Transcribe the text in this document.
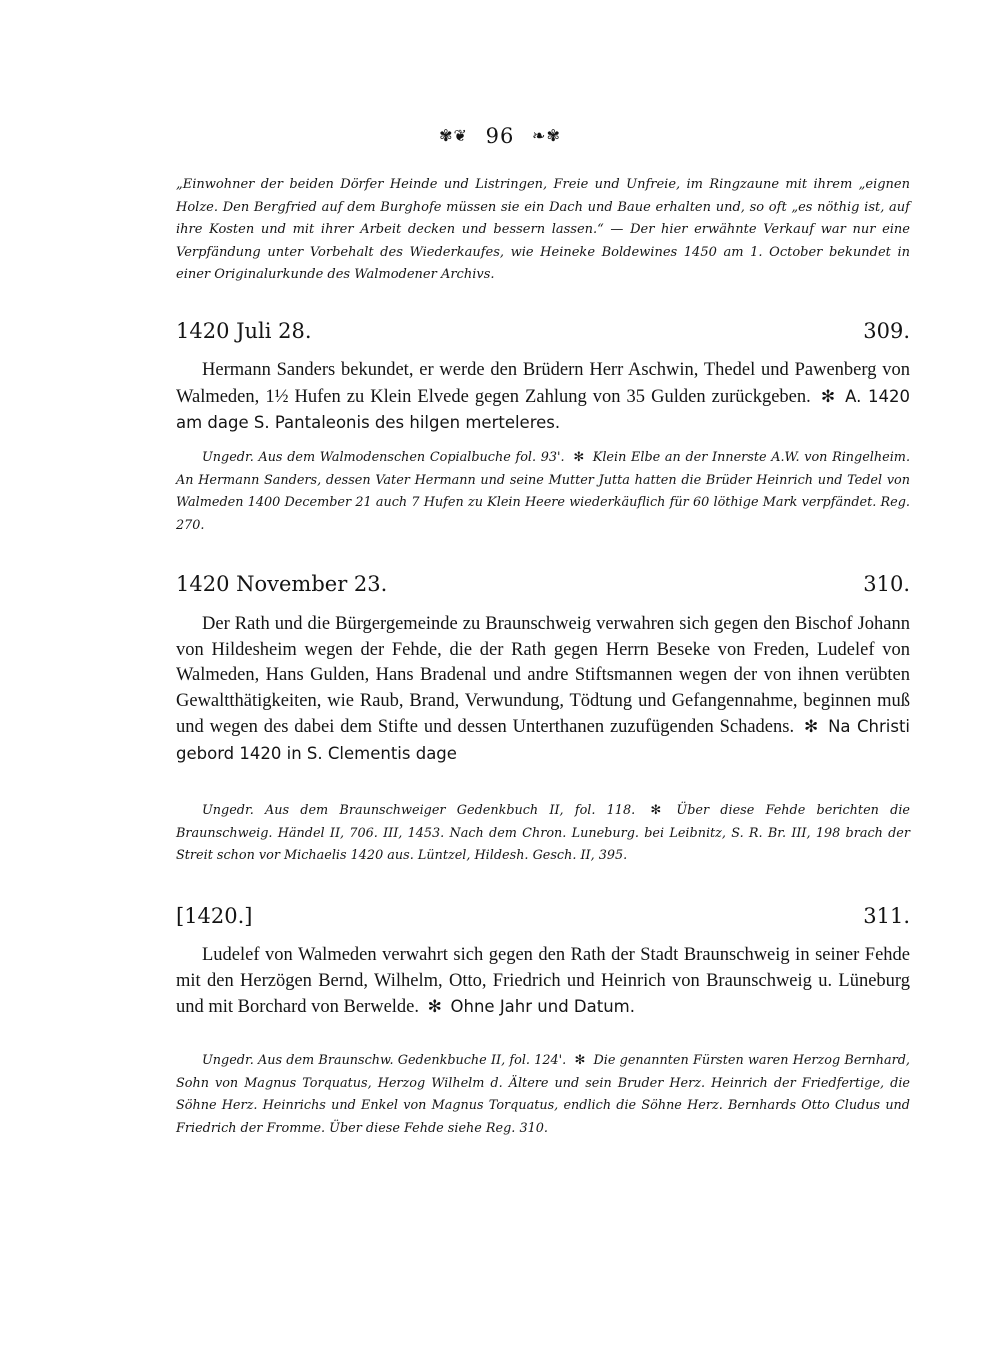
✾❦ 96 ❧✾
„Einwohner der beiden Dörfer Heinde und Listringen, Freie und Unfreie, im Ringzaune mit ihrem „eignen Holze. Den Bergfried auf dem Burghofe müssen sie ein Dach und Baue erhalten und, so oft „es nöthig ist, auf ihre Kosten und mit ihrer Arbeit decken und bessern lassen.“ — Der hier erwähnte Verkauf war nur eine Verpfändung unter Vorbehalt des Wiederkaufes, wie Heineke Boldewines 1450 am 1. October bekundet in einer Originalurkunde des Walmodener Archivs.
1420 Juli 28.	309.
Hermann Sanders bekundet, er werde den Brüdern Herr Aschwin, Thedel und Pawenberg von Walmeden, 1½ Hufen zu Klein Elvede gegen Zahlung von 35 Gulden zurückgeben. ✻ A. 1420 am dage S. Pantaleonis des hilgen merteleres.
Ungedr. Aus dem Walmodenschen Copialbuche fol. 93'. ✻ Klein Elbe an der Innerste A.W. von Ringelheim. An Hermann Sanders, dessen Vater Hermann und seine Mutter Jutta hatten die Brüder Heinrich und Tedel von Walmeden 1400 December 21 auch 7 Hufen zu Klein Heere wiederkäuflich für 60 löthige Mark verpfändet. Reg. 270.
1420 November 23.	310.
Der Rath und die Bürgergemeinde zu Braunschweig verwahren sich gegen den Bischof Johann von Hildesheim wegen der Fehde, die der Rath gegen Herrn Beseke von Freden, Ludelef von Walmeden, Hans Gulden, Hans Bradenal und andre Stiftsmannen wegen der von ihnen verübten Gewaltthätigkeiten, wie Raub, Brand, Verwundung, Tödtung und Gefangennahme, beginnen muß und wegen des dabei dem Stifte und dessen Unterthanen zuzufügenden Schadens. ✻ Na Christi gebord 1420 in S. Clementis dage
Ungedr. Aus dem Braunschweiger Gedenkbuch II, fol. 118. ✻ Über diese Fehde berichten die Braunschweig. Händel II, 706. III, 1453. Nach dem Chron. Luneburg. bei Leibnitz, S. R. Br. III, 198 brach der Streit schon vor Michaelis 1420 aus. Lüntzel, Hildesh. Gesch. II, 395.
[1420.]	311.
Ludelef von Walmeden verwahrt sich gegen den Rath der Stadt Braunschweig in seiner Fehde mit den Herzögen Bernd, Wilhelm, Otto, Friedrich und Heinrich von Braunschweig u. Lüneburg und mit Borchard von Berwelde. ✻ Ohne Jahr und Datum.
Ungedr. Aus dem Braunschw. Gedenkbuche II, fol. 124'. ✻ Die genannten Fürsten waren Herzog Bernhard, Sohn von Magnus Torquatus, Herzog Wilhelm d. Ältere und sein Bruder Herz. Heinrich der Friedfertige, die Söhne Herz. Heinrichs und Enkel von Magnus Torquatus, endlich die Söhne Herz. Bernhards Otto Cludus und Friedrich der Fromme. Über diese Fehde siehe Reg. 310.
